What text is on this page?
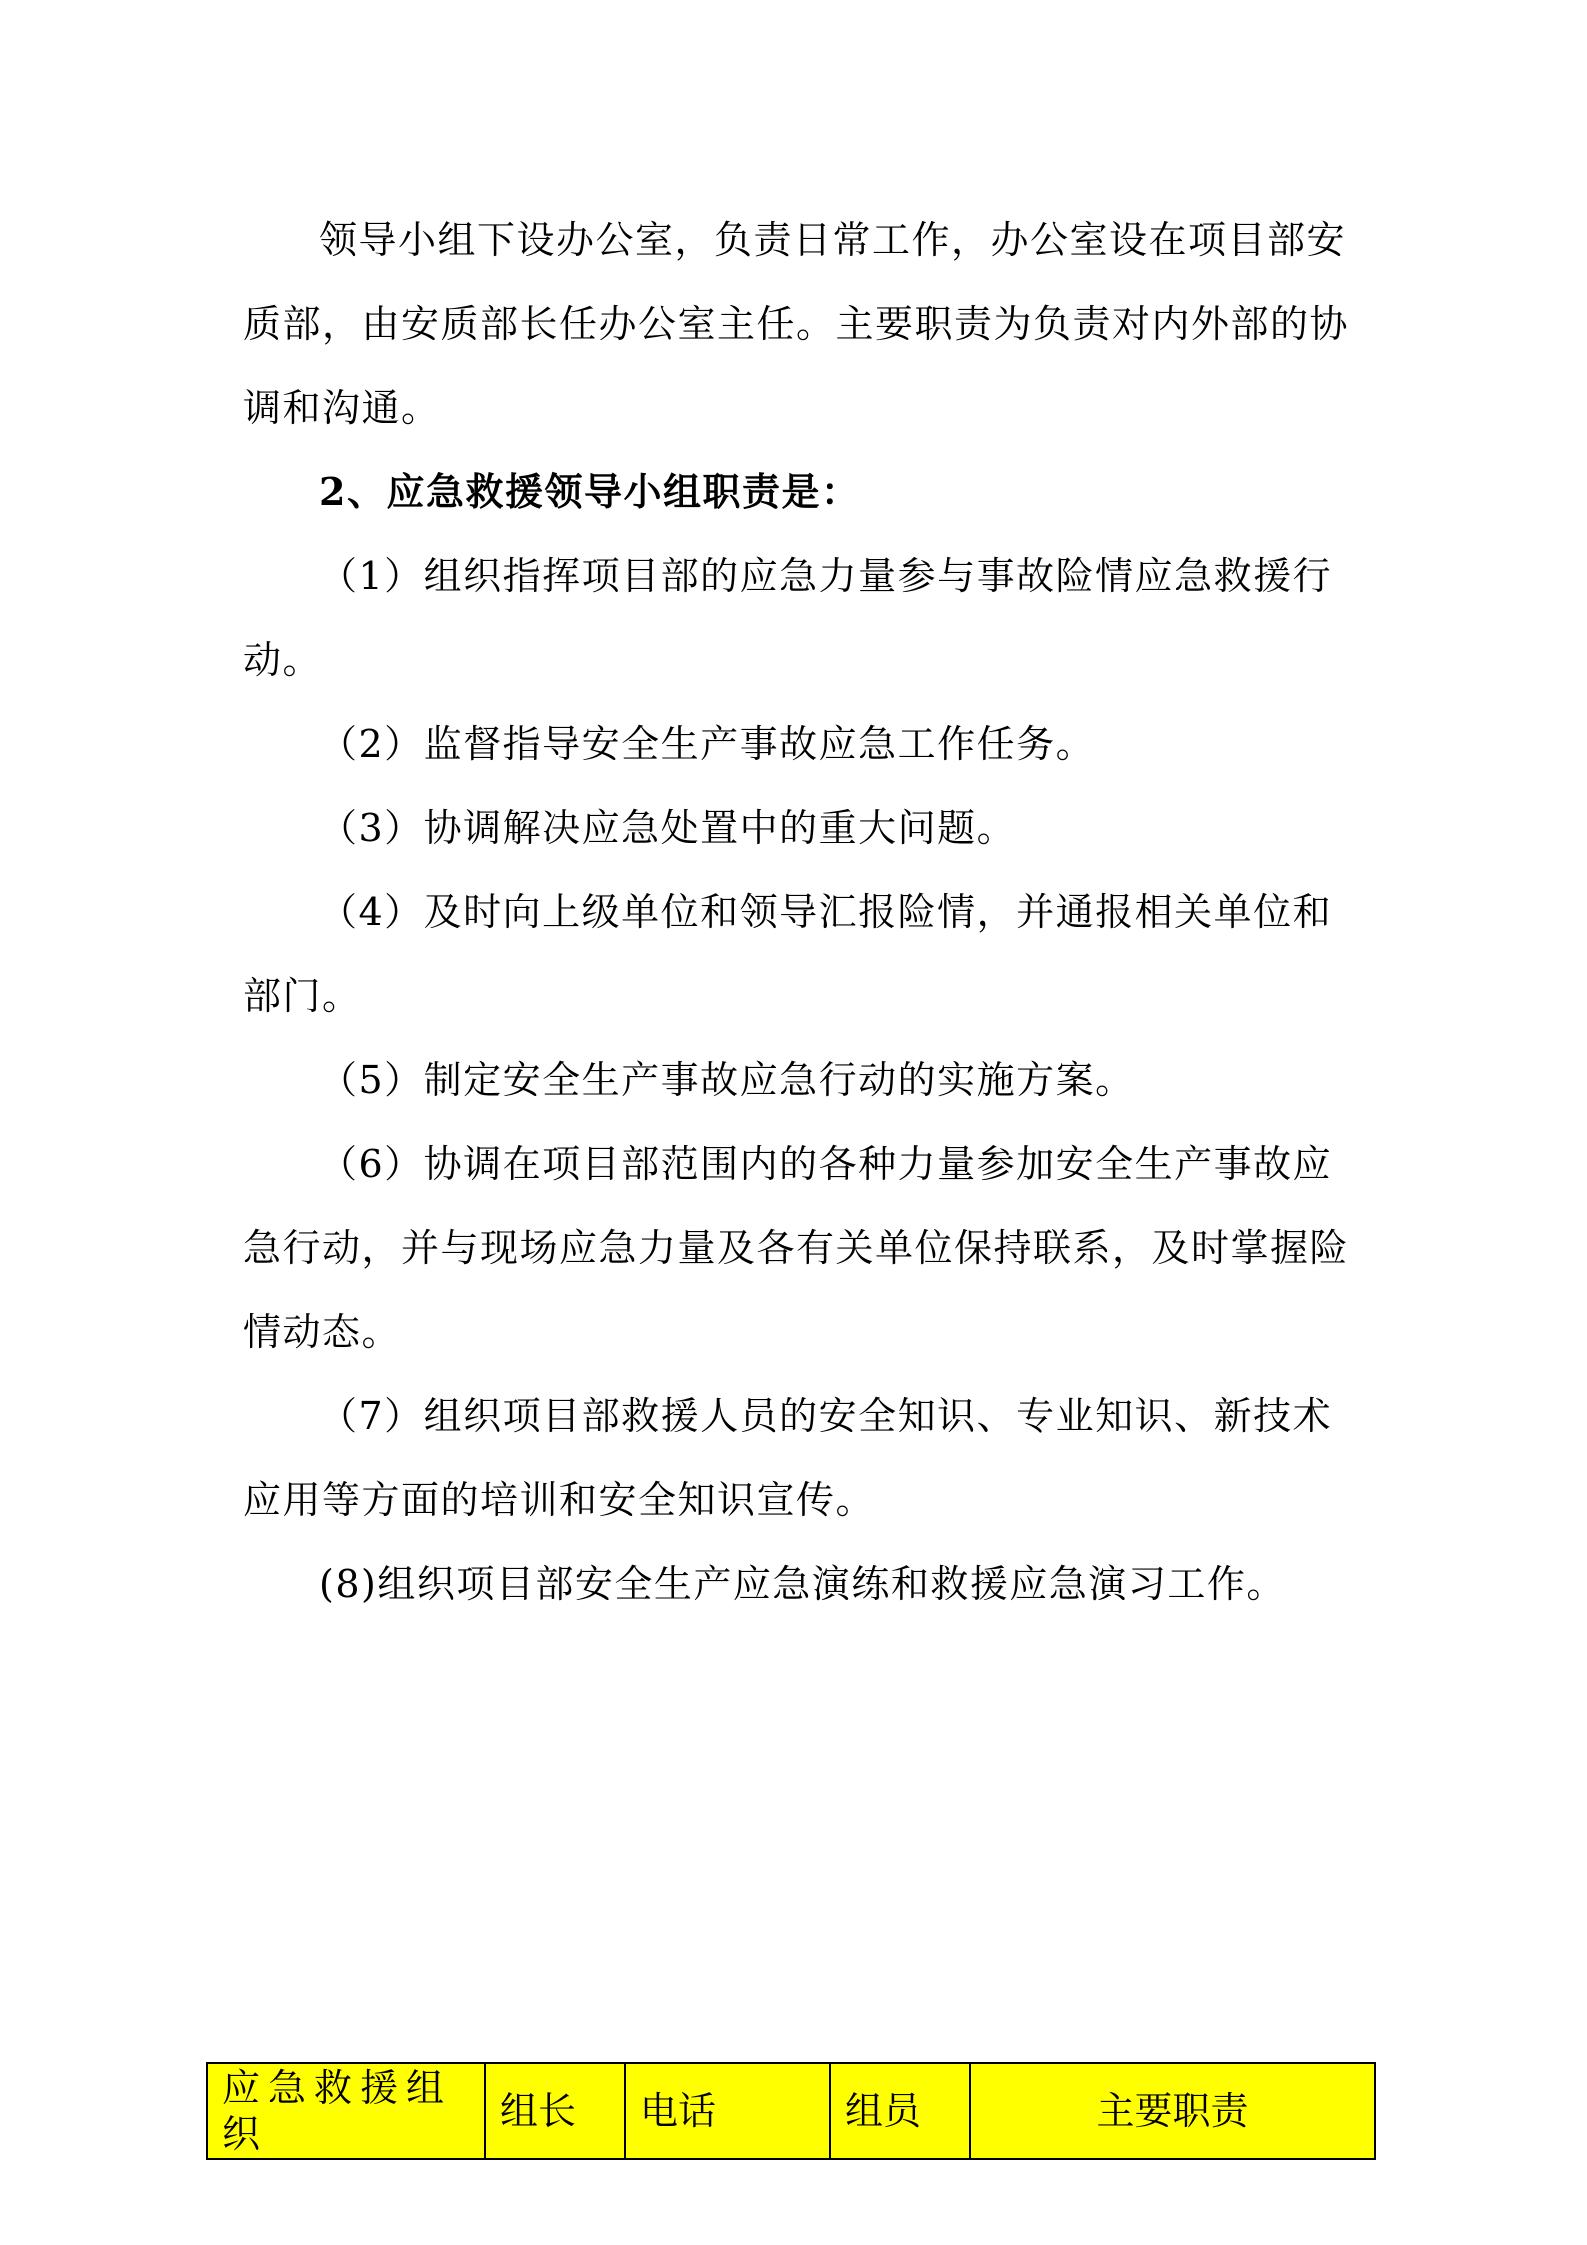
领导小组下设办公室，负责日常工作，办公室设在项目部安质部，由安质部长任办公室主任。主要职责为负责对内外部的协调和沟通。

2、应急救援领导小组职责是：

（1）组织指挥项目部的应急力量参与事故险情应急救援行动。

（2）监督指导安全生产事故应急工作任务。

（3）协调解决应急处置中的重大问题。

（4）及时向上级单位和领导汇报险情，并通报相关单位和部门。

（5）制定安全生产事故应急行动的实施方案。

（6）协调在项目部范围内的各种力量参加安全生产事故应急行动，并与现场应急力量及各有关单位保持联系，及时掌握险情动态。

（7）组织项目部救援人员的安全知识、专业知识、新技术应用等方面的培训和安全知识宣传。

(8)组织项目部安全生产应急演练和救援应急演习工作。

应急救援组织	组长	电话	组员	主要职责
